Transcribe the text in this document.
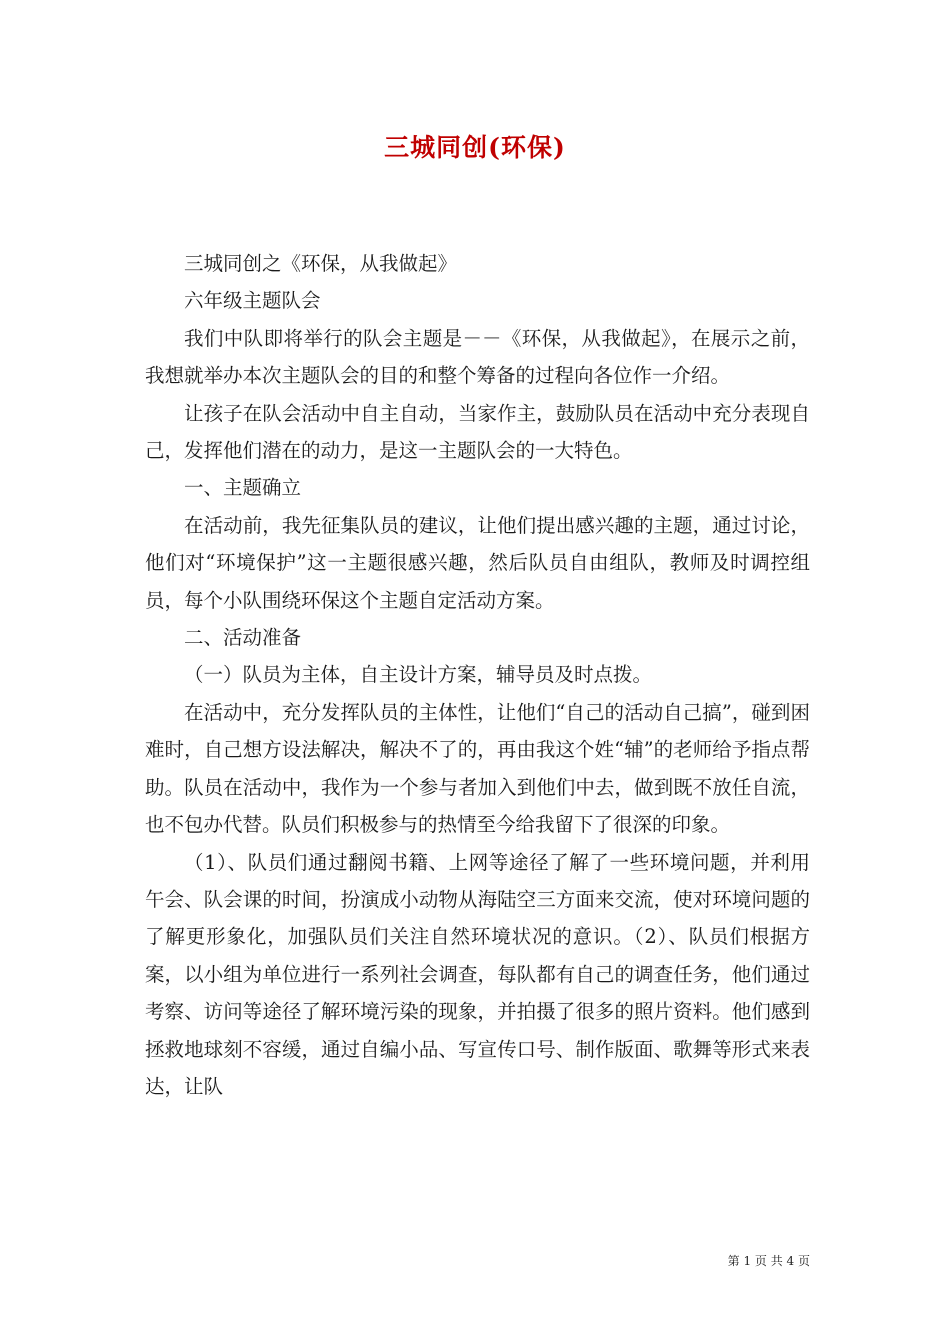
三城同创(环保)

三城同创之《环保，从我做起》

六年级主题队会

我们中队即将举行的队会主题是－－《环保，从我做起》，在展示之前，我想就举办本次主题队会的目的和整个筹备的过程向各位作一介绍。

让孩子在队会活动中自主自动，当家作主，鼓励队员在活动中充分表现自己，发挥他们潜在的动力，是这一主题队会的一大特色。

一、主题确立

在活动前，我先征集队员的建议，让他们提出感兴趣的主题，通过讨论，他们对“环境保护”这一主题很感兴趣，然后队员自由组队，教师及时调控组员，每个小队围绕环保这个主题自定活动方案。

二、活动准备

（一）队员为主体，自主设计方案，辅导员及时点拨。

在活动中，充分发挥队员的主体性，让他们“自己的活动自己搞”，碰到困难时，自己想方设法解决，解决不了的，再由我这个姓“辅”的老师给予指点帮助。队员在活动中，我作为一个参与者加入到他们中去，做到既不放任自流，也不包办代替。队员们积极参与的热情至今给我留下了很深的印象。

（1）、队员们通过翻阅书籍、上网等途径了解了一些环境问题，并利用午会、队会课的时间，扮演成小动物从海陆空三方面来交流，使对环境问题的了解更形象化，加强队员们关注自然环境状况的意识。（2）、队员们根据方案，以小组为单位进行一系列社会调查，每队都有自己的调查任务，他们通过考察、访问等途径了解环境污染的现象，并拍摄了很多的照片资料。他们感到拯救地球刻不容缓，通过自编小品、写宣传口号、制作版面、歌舞等形式来表达，让队

第 1 页 共 4 页
